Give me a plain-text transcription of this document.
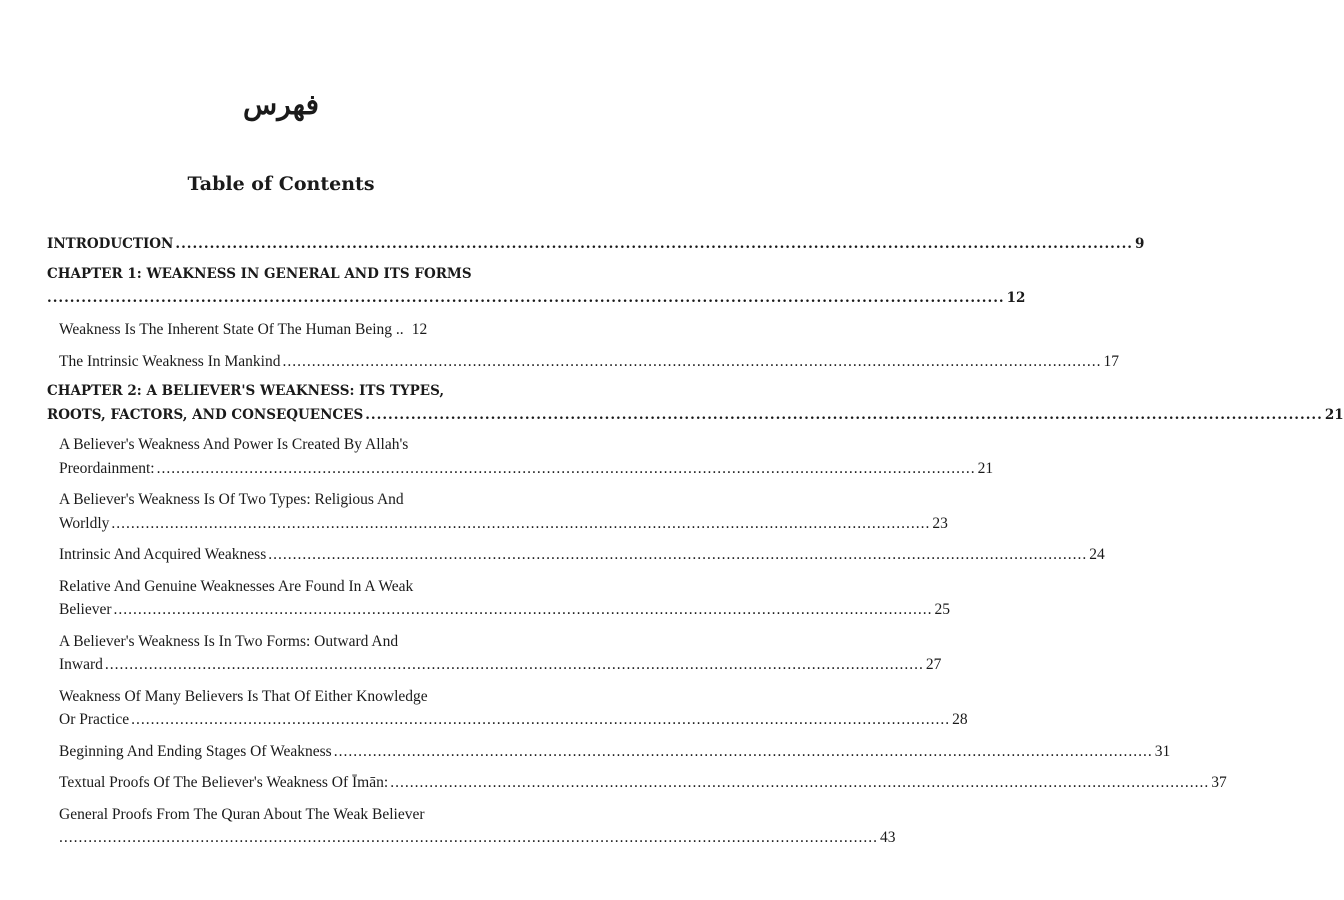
فهرس
Table of Contents
INTRODUCTION ........................................................................................................................................................................ 9
CHAPTER 1: WEAKNESS IN GENERAL AND ITS FORMS
........................................................................................................................................................................ 12
Weakness Is The Inherent State Of The Human Being .. 12
The Intrinsic Weakness In Mankind ........................................................................................................................................................................ 17
CHAPTER 2: A BELIEVER'S WEAKNESS: ITS TYPES,
ROOTS, FACTORS, AND CONSEQUENCES ........................................................................................................................................................................ 21
A Believer's Weakness And Power Is Created By Allah's
Preordainment: ........................................................................................................................................................................ 21
A Believer's Weakness Is Of Two Types: Religious And
Worldly ........................................................................................................................................................................ 23
Intrinsic And Acquired Weakness ........................................................................................................................................................................ 24
Relative And Genuine Weaknesses Are Found In A Weak
Believer ........................................................................................................................................................................ 25
A Believer's Weakness Is In Two Forms: Outward And
Inward ........................................................................................................................................................................ 27
Weakness Of Many Believers Is That Of Either Knowledge
Or Practice ........................................................................................................................................................................ 28
Beginning And Ending Stages Of Weakness ........................................................................................................................................................................ 31
Textual Proofs Of The Believer's Weakness Of Īmān: ........................................................................................................................................................................ 37
General Proofs From The Quran About The Weak Believer
........................................................................................................................................................................ 43
